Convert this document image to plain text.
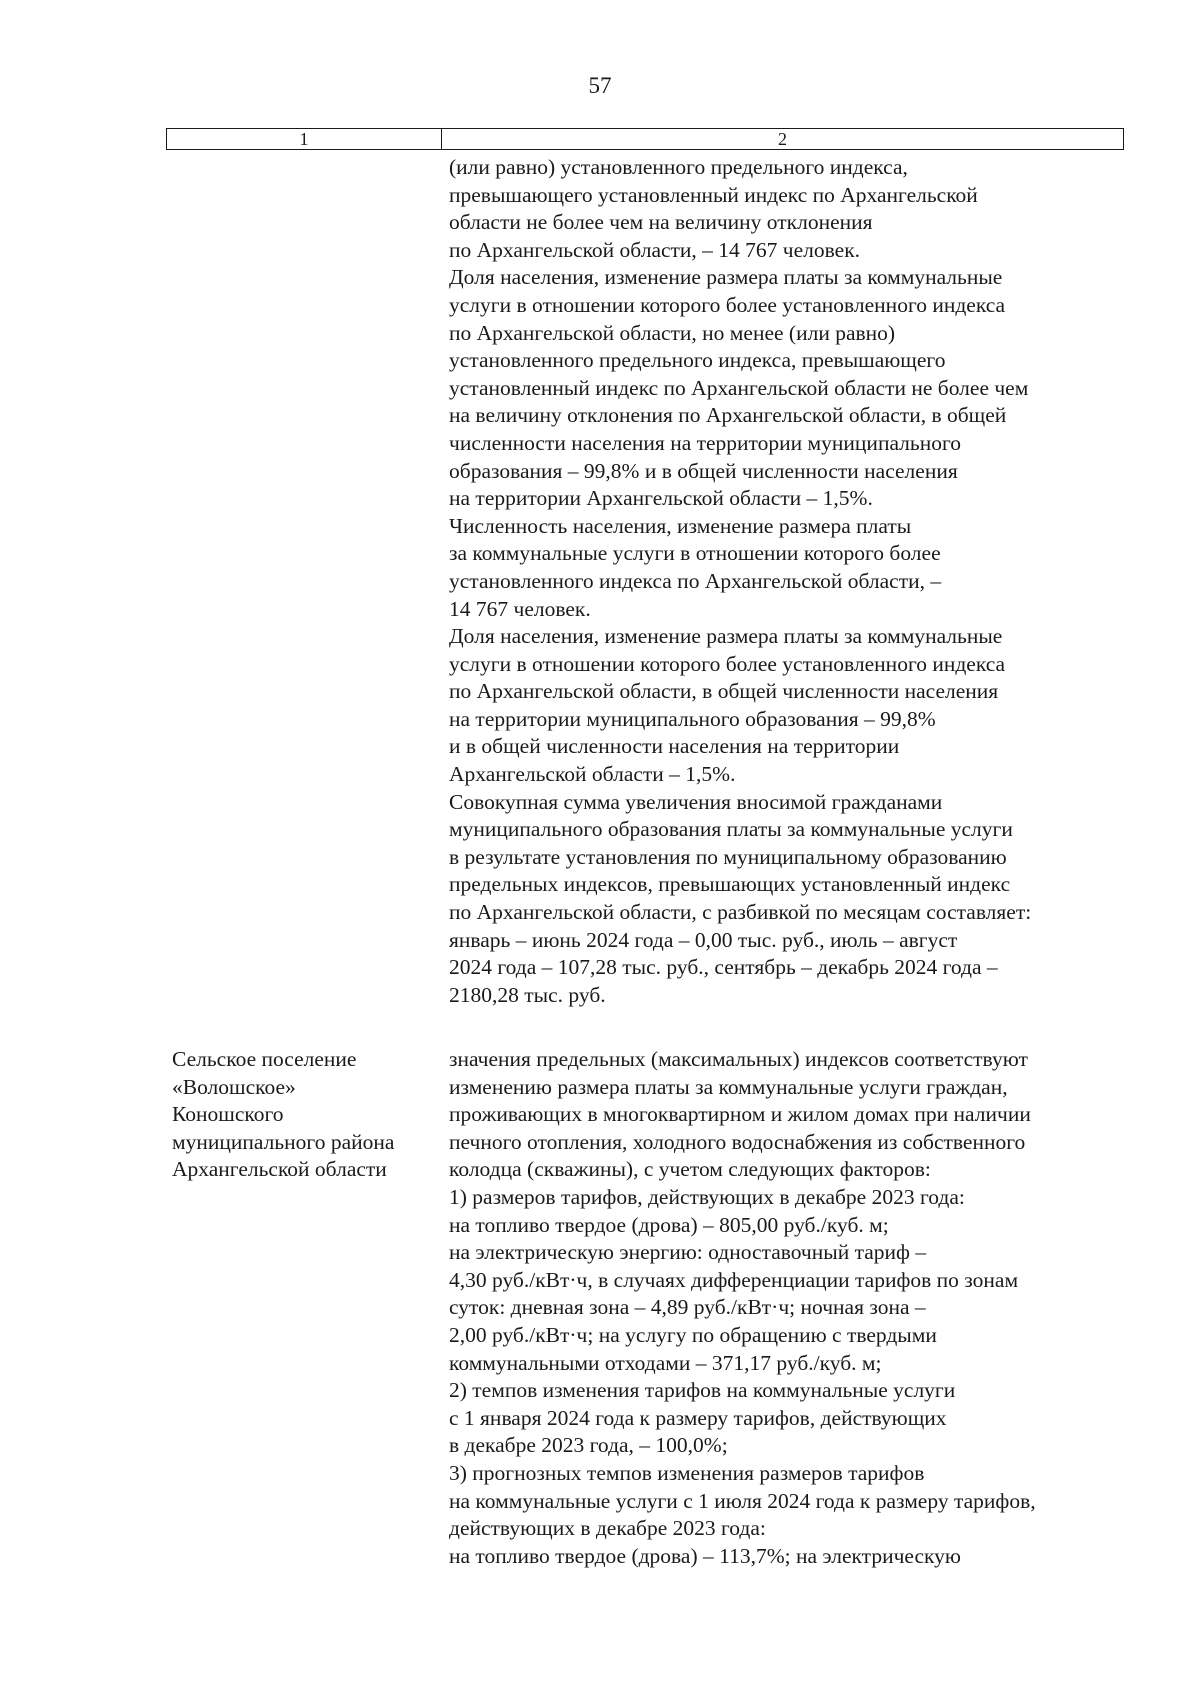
57
1	2
(или равно) установленного предельного индекса,
превышающего установленный индекс по Архангельской
области не более чем на величину отклонения
по Архангельской области, – 14 767 человек.
Доля населения, изменение размера платы за коммунальные
услуги в отношении которого более установленного индекса
по Архангельской области, но менее (или равно)
установленного предельного индекса, превышающего
установленный индекс по Архангельской области не более чем
на величину отклонения по Архангельской области, в общей
численности населения на территории муниципального
образования – 99,8% и в общей численности населения
на территории Архангельской области – 1,5%.
Численность населения, изменение размера платы
за коммунальные услуги в отношении которого более
установленного индекса по Архангельской области, –
14 767 человек.
Доля населения, изменение размера платы за коммунальные
услуги в отношении которого более установленного индекса
по Архангельской области, в общей численности населения
на территории муниципального образования – 99,8%
и в общей численности населения на территории
Архангельской области – 1,5%.
Совокупная сумма увеличения вносимой гражданами
муниципального образования платы за коммунальные услуги
в результате установления по муниципальному образованию
предельных индексов, превышающих установленный индекс
по Архангельской области, с разбивкой по месяцам составляет:
январь – июнь 2024 года – 0,00 тыс. руб., июль – август
2024 года – 107,28 тыс. руб., сентябрь – декабрь 2024 года –
2180,28 тыс. руб.
Сельское поселение
«Волошское»
Коношского
муниципального района
Архангельской области
значения предельных (максимальных) индексов соответствуют
изменению размера платы за коммунальные услуги граждан,
проживающих в многоквартирном и жилом домах при наличии
печного отопления, холодного водоснабжения из собственного
колодца (скважины), с учетом следующих факторов:
1) размеров тарифов, действующих в декабре 2023 года:
на топливо твердое (дрова) – 805,00 руб./куб. м;
на электрическую энергию: одноставочный тариф –
4,30 руб./кВт·ч, в случаях дифференциации тарифов по зонам
суток: дневная зона – 4,89 руб./кВт·ч; ночная зона –
2,00 руб./кВт·ч; на услугу по обращению с твердыми
коммунальными отходами – 371,17 руб./куб. м;
2) темпов изменения тарифов на коммунальные услуги
с 1 января 2024 года к размеру тарифов, действующих
в декабре 2023 года, – 100,0%;
3) прогнозных темпов изменения размеров тарифов
на коммунальные услуги с 1 июля 2024 года к размеру тарифов,
действующих в декабре 2023 года:
на топливо твердое (дрова) – 113,7%; на электрическую
